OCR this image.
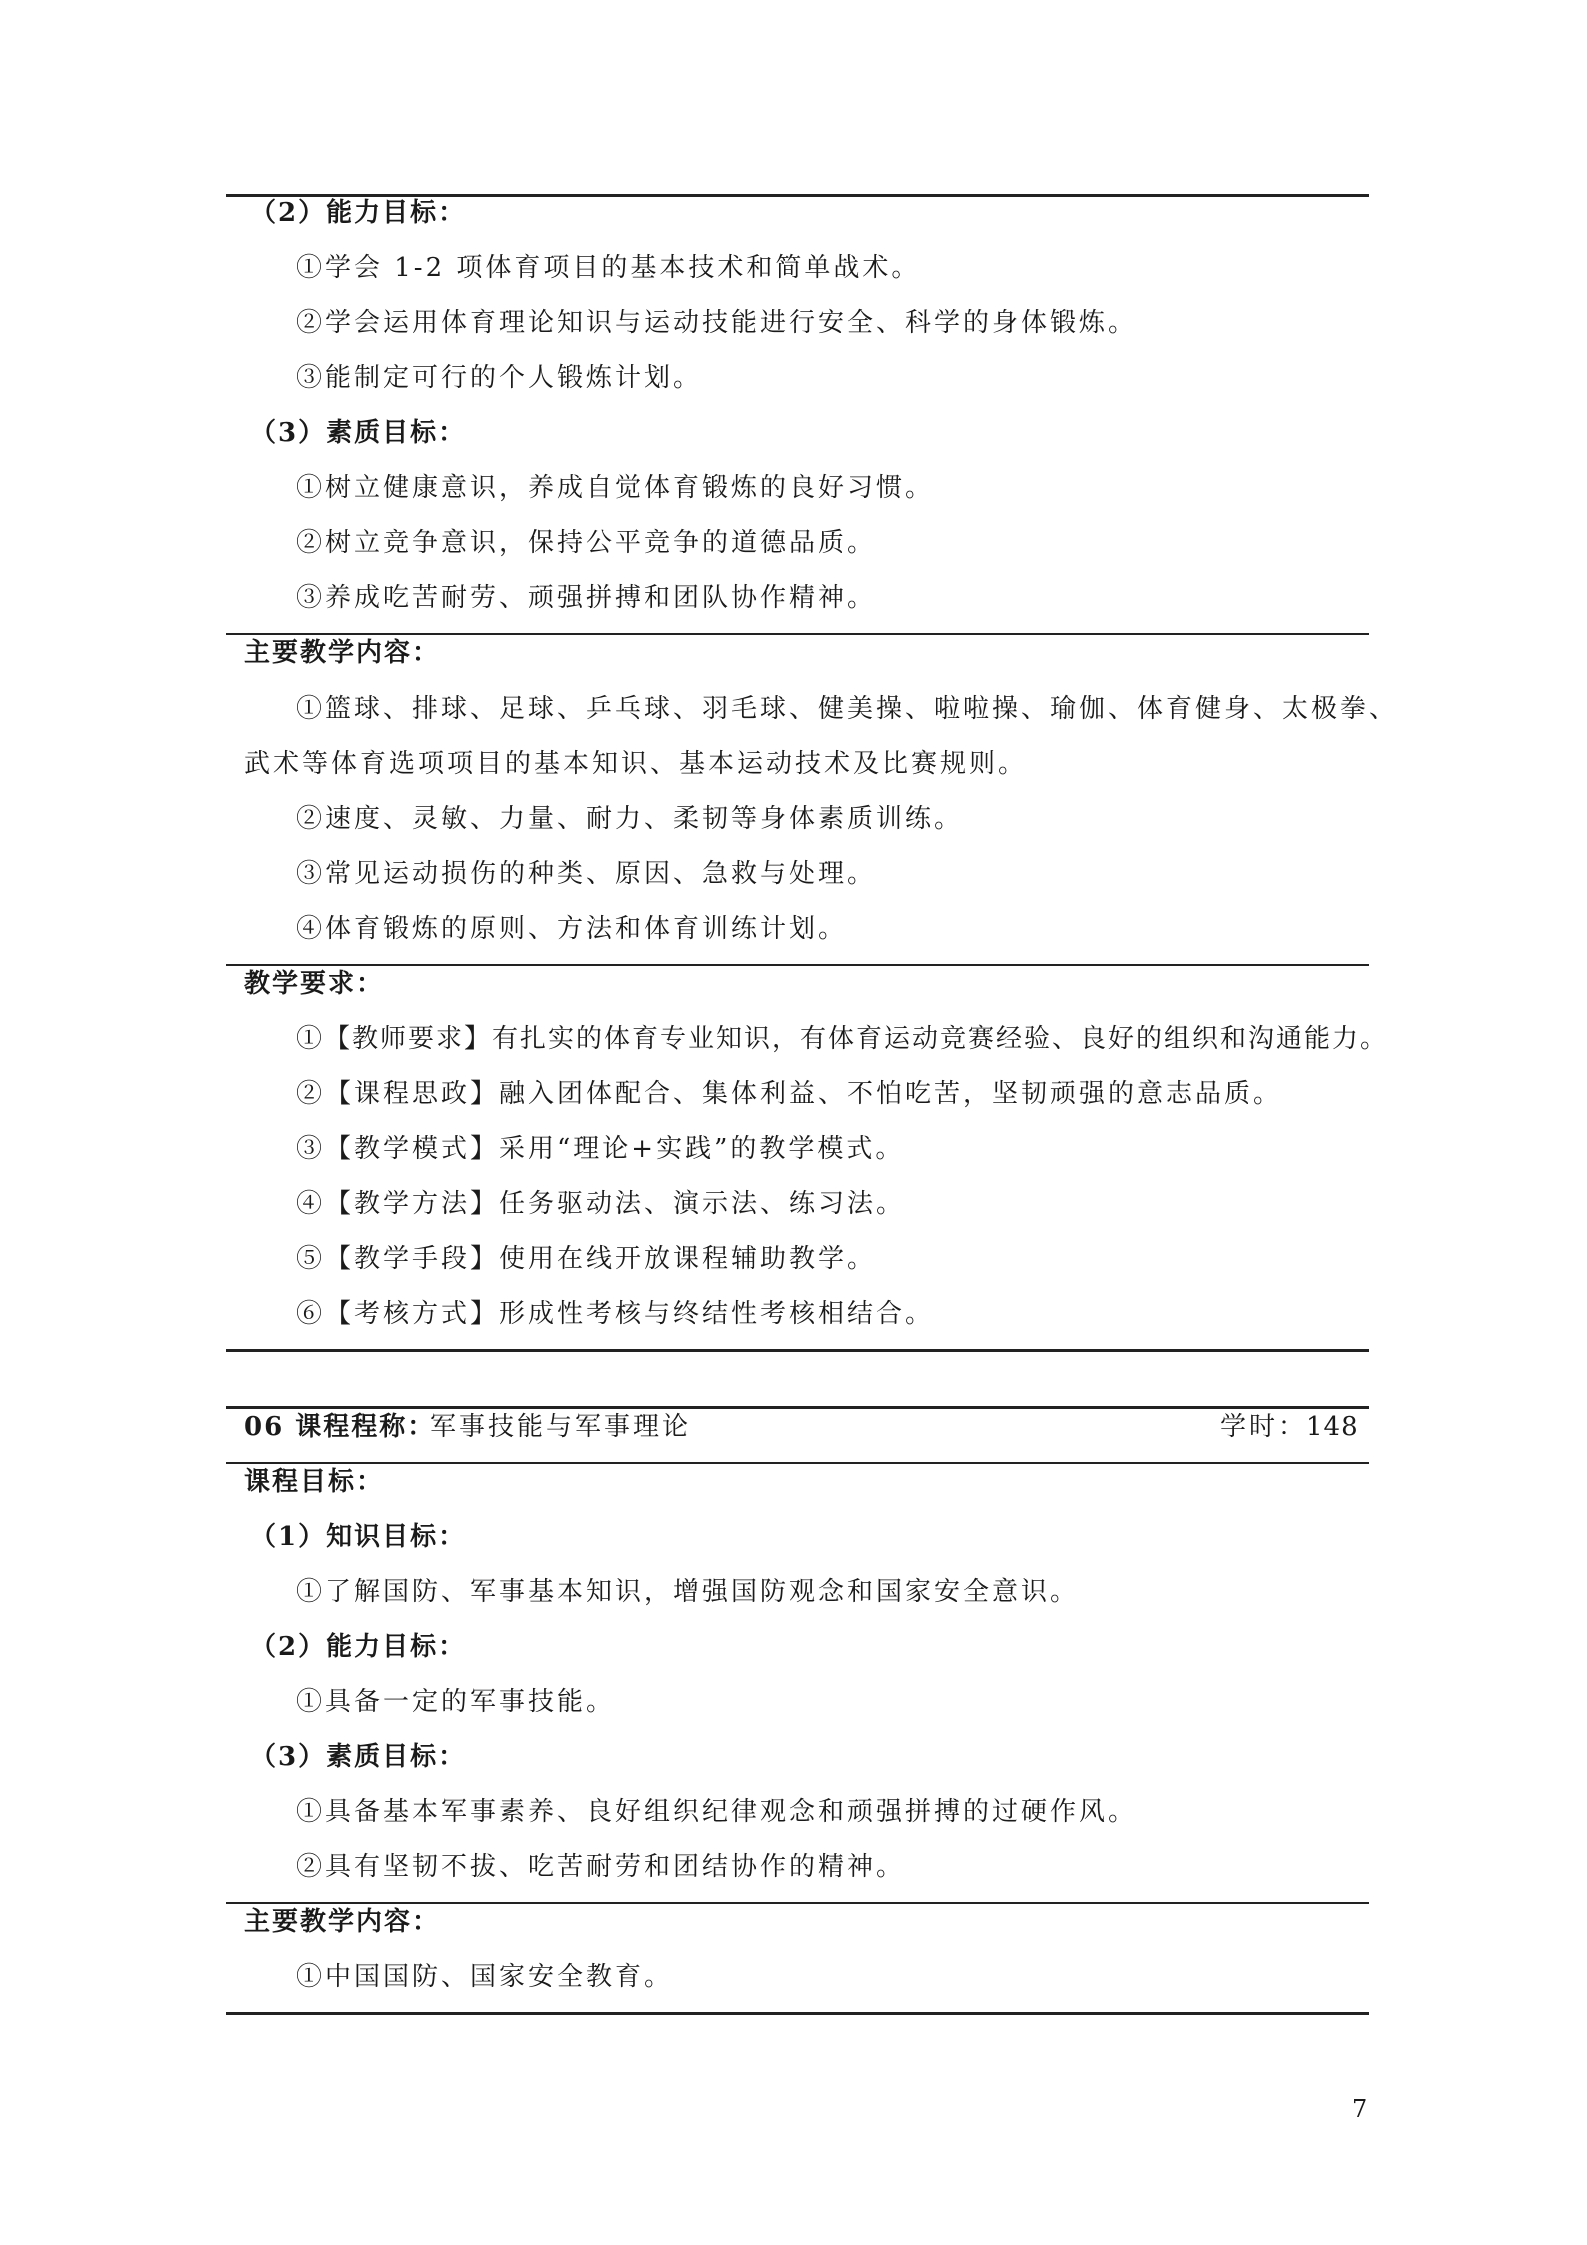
（2）能力目标：
①学会 1-2 项体育项目的基本技术和简单战术。
②学会运用体育理论知识与运动技能进行安全、科学的身体锻炼。
③能制定可行的个人锻炼计划。
（3）素质目标：
①树立健康意识，养成自觉体育锻炼的良好习惯。
②树立竞争意识，保持公平竞争的道德品质。
③养成吃苦耐劳、顽强拼搏和团队协作精神。
主要教学内容：
①篮球、排球、足球、乒乓球、羽毛球、健美操、啦啦操、瑜伽、体育健身、太极拳、
武术等体育选项项目的基本知识、基本运动技术及比赛规则。
②速度、灵敏、力量、耐力、柔韧等身体素质训练。
③常见运动损伤的种类、原因、急救与处理。
④体育锻炼的原则、方法和体育训练计划。
教学要求：
①【教师要求】有扎实的体育专业知识，有体育运动竞赛经验、良好的组织和沟通能力。
②【课程思政】融入团体配合、集体利益、不怕吃苦，坚韧顽强的意志品质。
③【教学模式】采用“理论+实践”的教学模式。
④【教学方法】任务驱动法、演示法、练习法。
⑤【教学手段】使用在线开放课程辅助教学。
⑥【考核方式】形成性考核与终结性考核相结合。
06 课程程称：
军事技能与军事理论	学时：
148
课程目标：
（1）知识目标：
①了解国防、军事基本知识，增强国防观念和国家安全意识。
（2）能力目标：
①具备一定的军事技能。
（3）素质目标：
①具备基本军事素养、良好组织纪律观念和顽强拼搏的过硬作风。
②具有坚韧不拔、吃苦耐劳和团结协作的精神。
主要教学内容：
①中国国防、国家安全教育。
7
